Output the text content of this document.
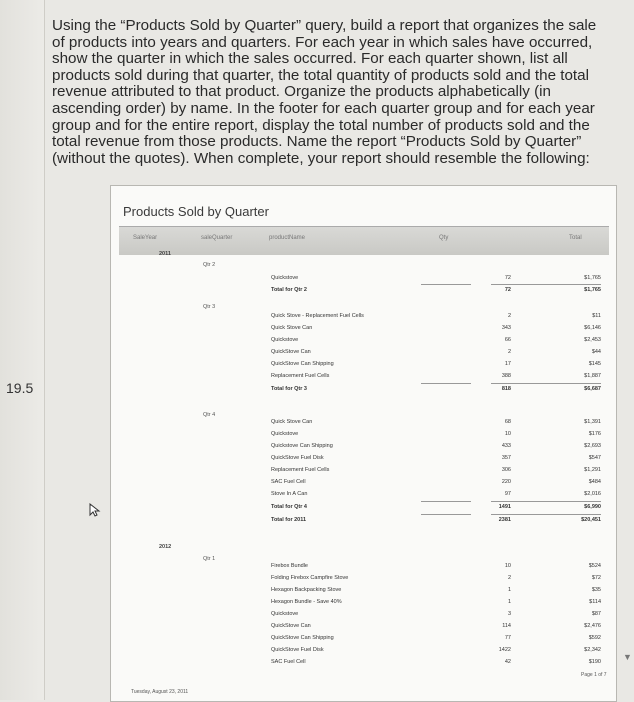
19.5
Using the “Products Sold by Quarter” query, build a report that organizes the sale of products into years and quarters. For each year in which sales have occurred, show the quarter in which the sales occurred. For each quarter shown, list all products sold during that quarter, the total quantity of products sold and the total revenue attributed to that product. Organize the products alphabetically (in ascending order) by name. In the footer for each quarter group and for each year group and for the entire report, display the total number of products sold and the total revenue from those products. Name the report “Products Sold by Quarter” (without the quotes). When complete, your report should resemble the following:
Products Sold by Quarter
SaleYear	saleQuarter	productName	Qty	Total
2011
Qtr 2
Quickstove	72	$1,765
Total for Qtr 2	72	$1,765
Qtr 3
Quick Stove - Replacement Fuel Cells	2	$11
Quick Stove Can	343	$6,146
Quickstove	66	$2,453
QuickStove Can	2	$44
QuickStove Can Shipping	17	$145
Replacement Fuel Cells	388	$1,887
Total for Qtr 3	818	$6,687
Qtr 4
Quick Stove Can	68	$1,391
Quickstove	10	$176
Quickstove Can Shipping	433	$2,693
QuickStove Fuel Disk	357	$547
Replacement Fuel Cells	306	$1,291
SAC Fuel Cell	220	$484
Stove In A Can	97	$2,016
Total for Qtr 4	1491	$6,990
Total for 2011	2381	$20,451
2012
Qtr 1
Firebox Bundle	10	$524
Folding Firebox Campfire Stove	2	$72
Hexagon Backpacking Stove	1	$35
Hexagon Bundle - Save 40%	1	$114
Quickstove	3	$87
QuickStove Can	114	$2,476
QuickStove Can Shipping	77	$592
QuickStove Fuel Disk	1422	$2,342
SAC Fuel Cell	42	$190
Page 1 of 7
Tuesday, August 23, 2011
▼
